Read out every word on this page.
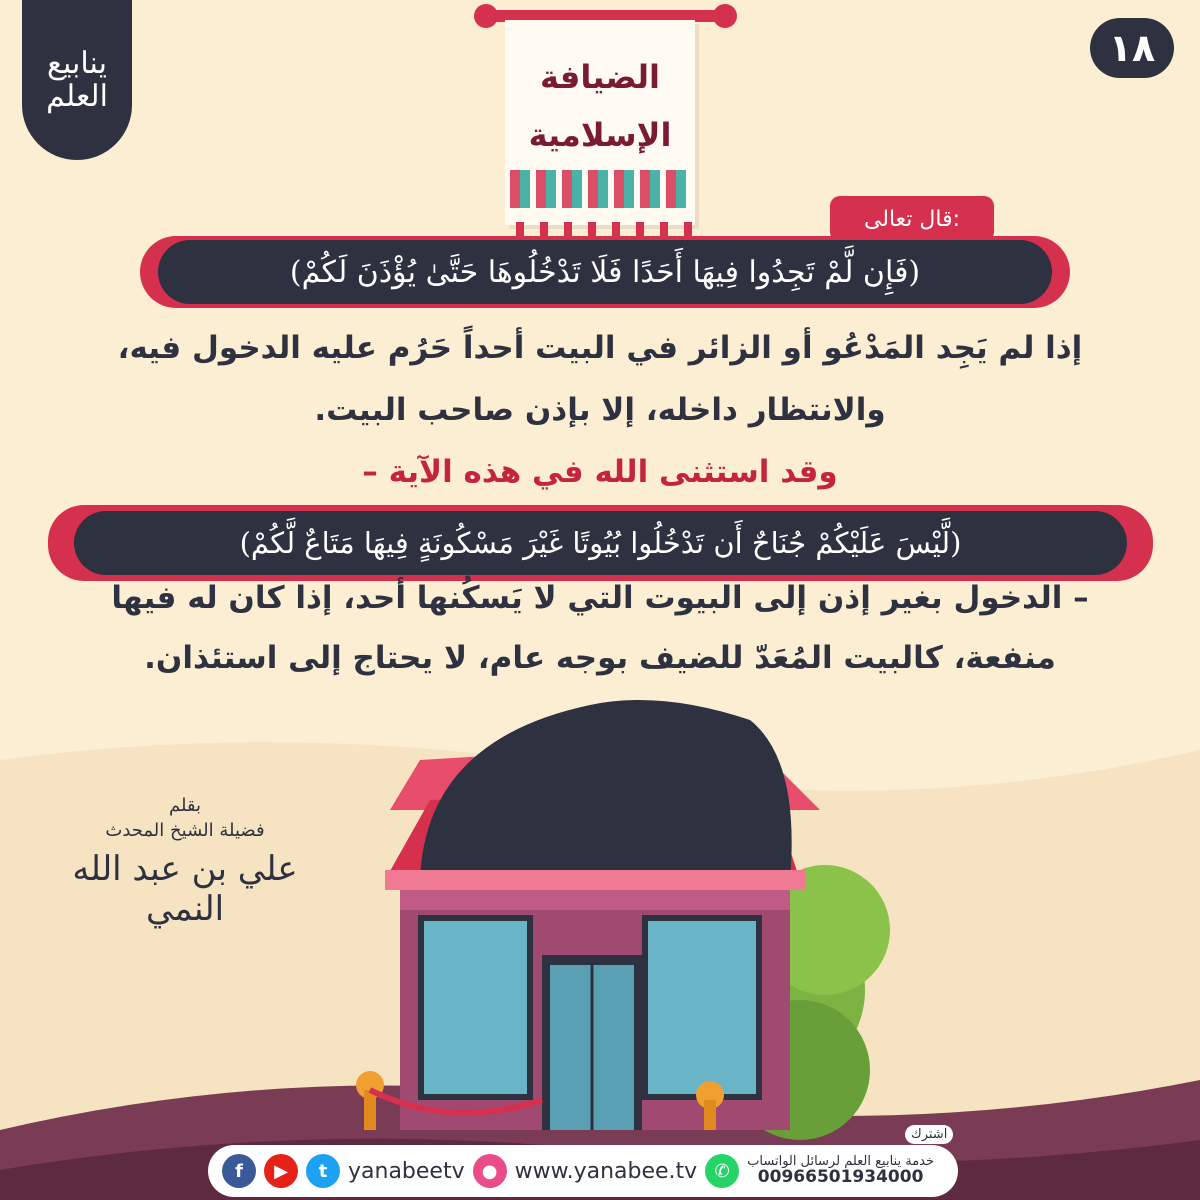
ينابيع العلم
١٨
الضيافة
الإسلامية
قال تعالى:
(فَإِن لَّمْ تَجِدُوا فِيهَا أَحَدًا فَلَا تَدْخُلُوهَا حَتَّىٰ يُؤْذَنَ لَكُمْ)
إذا لم يَجِد المَدْعُو أو الزائر في البيت أحداً حَرُم عليه الدخول فيه،
والانتظار داخله، إلا بإذن صاحب البيت.
وقد استثنى الله في هذه الآية –
(لَّيْسَ عَلَيْكُمْ جُنَاحٌ أَن تَدْخُلُوا بُيُوتًا غَيْرَ مَسْكُونَةٍ فِيهَا مَتَاعٌ لَّكُمْ)
– الدخول بغير إذن إلى البيوت التي لا يَسكُنها أحد، إذا كان له فيها
منفعة، كالبيت المُعَدّ للضيف بوجه عام، لا يحتاج إلى استئذان.
بقلم
فضيلة الشيخ المحدث
علي بن عبد الله النمي
اشترك
f	▶	t yanabeetv ● www.yanabee.tv ✆	خدمة ينابيع العلم لرسائل الواتساب
00966501934000
